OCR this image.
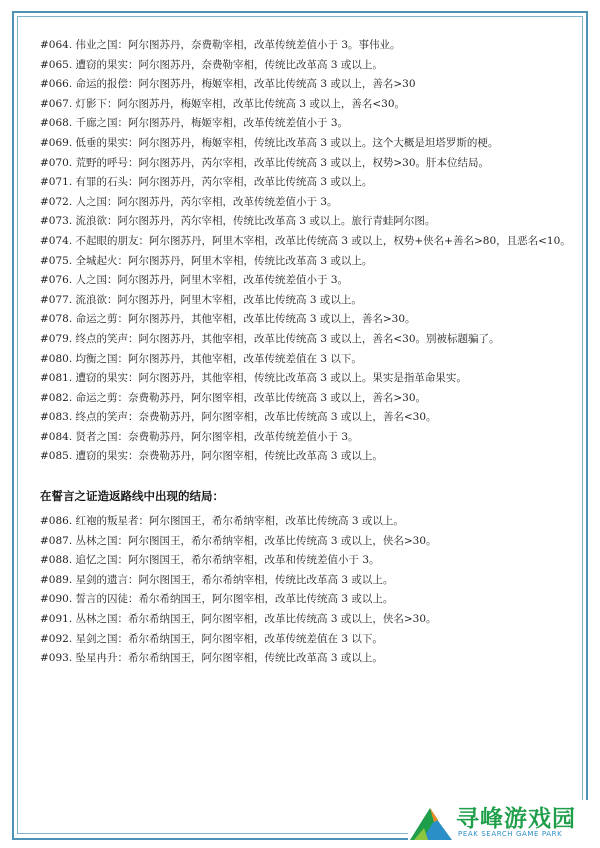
#064. 伟业之国：阿尔图苏丹，奈费勒宰相，改革传统差值小于 3。事伟业。
#065. 遭窃的果实：阿尔图苏丹，奈费勒宰相，传统比改革高 3 或以上。
#066. 命运的报偿：阿尔图苏丹，梅姬宰相，改革比传统高 3 或以上，善名>30
#067. 灯影下：阿尔图苏丹，梅姬宰相，改革比传统高 3 或以上，善名<30。
#068. 千廊之国：阿尔图苏丹，梅姬宰相，改革传统差值小于 3。
#069. 低垂的果实：阿尔图苏丹，梅姬宰相，传统比改革高 3 或以上。这个大概是坦塔罗斯的梗。
#070. 荒野的呼号：阿尔图苏丹，芮尔宰相，改革比传统高 3 或以上，权势>30。肝本位结局。
#071. 有罪的石头：阿尔图苏丹，芮尔宰相，改革比传统高 3 或以上。
#072. 人之国：阿尔图苏丹，芮尔宰相，改革传统差值小于 3。
#073. 流浪欲：阿尔图苏丹，芮尔宰相，传统比改革高 3 或以上。旅行青蛙阿尔图。
#074. 不起眼的朋友：阿尔图苏丹，阿里木宰相，改革比传统高 3 或以上，权势+侠名+善名>80，且恶名<10。
#075. 全城起火：阿尔图苏丹，阿里木宰相，传统比改革高 3 或以上。
#076. 人之国：阿尔图苏丹，阿里木宰相，改革传统差值小于 3。
#077. 流浪欲：阿尔图苏丹，阿里木宰相，改革比传统高 3 或以上。
#078. 命运之剪：阿尔图苏丹，其他宰相，改革比传统高 3 或以上，善名>30。
#079. 终点的笑声：阿尔图苏丹，其他宰相，改革比传统高 3 或以上，善名<30。别被标题骗了。
#080. 均衡之国：阿尔图苏丹，其他宰相，改革传统差值在 3 以下。
#081. 遭窃的果实：阿尔图苏丹，其他宰相，传统比改革高 3 或以上。果实是指革命果实。
#082. 命运之剪：奈费勒苏丹，阿尔图宰相，改革比传统高 3 或以上，善名>30。
#083. 终点的笑声：奈费勒苏丹，阿尔图宰相，改革比传统高 3 或以上，善名<30。
#084. 贤者之国：奈费勒苏丹，阿尔图宰相，改革传统差值小于 3。
#085. 遭窃的果实：奈费勒苏丹，阿尔图宰相，传统比改革高 3 或以上。
在誓言之证造返路线中出现的结局：
#086. 红袍的叛星者：阿尔图国王，希尔希纳宰相，改革比传统高 3 或以上。
#087. 丛林之国：阿尔图国王，希尔希纳宰相，改革比传统高 3 或以上，侠名>30。
#088. 追忆之国：阿尔图国王，希尔希纳宰相，改革和传统差值小于 3。
#089. 星剑的遗言：阿尔图国王，希尔希纳宰相，传统比改革高 3 或以上。
#090. 誓言的囚徒：希尔希纳国王，阿尔图宰相，改革比传统高 3 或以上。
#091. 丛林之国：希尔希纳国王，阿尔图宰相，改革比传统高 3 或以上，侠名>30。
#092. 星剑之国：希尔希纳国王，阿尔图宰相，改革传统差值在 3 以下。
#093. 坠星冉升：希尔希纳国王，阿尔图宰相，传统比改革高 3 或以上。
寻峰游戏园
PEAK SEARCH GAME PARK
